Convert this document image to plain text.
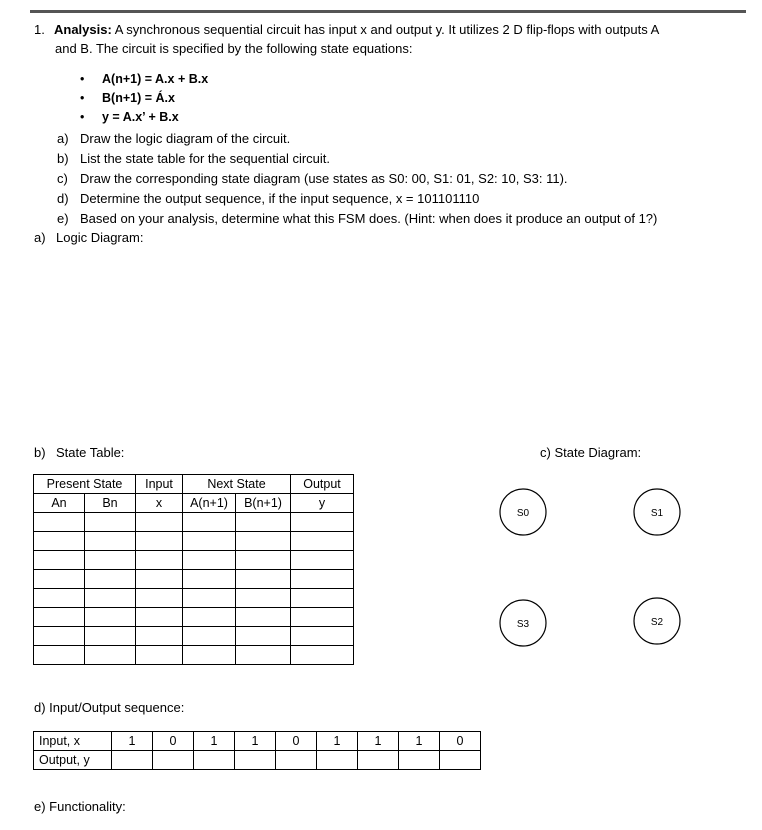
1. Analysis: A synchronous sequential circuit has input x and output y. It utilizes 2 D flip-flops with outputs A
and B. The circuit is specified by the following state equations:
• A(n+1) = A.x + B.x
• B(n+1) = Á.x
• y = A.x’ + B.x
a) Draw the logic diagram of the circuit.
b) List the state table for the sequential circuit.
c) Draw the corresponding state diagram (use states as S0: 00, S1: 01, S2: 10, S3: 11).
d) Determine the output sequence, if the input sequence, x = 101101110
e) Based on your analysis, determine what this FSM does. (Hint: when does it produce an output of 1?)
a) Logic Diagram:
b) State Table:	c) State Diagram:
Present State		Input	Next State		Output
An	Bn	x	A(n+1)	B(n+1)	y

S0	S1
S3	S2
d) Input/Output sequence:
Input, x	1	0	1	1	0	1	1	1	0
Output, y									
e) Functionality:
